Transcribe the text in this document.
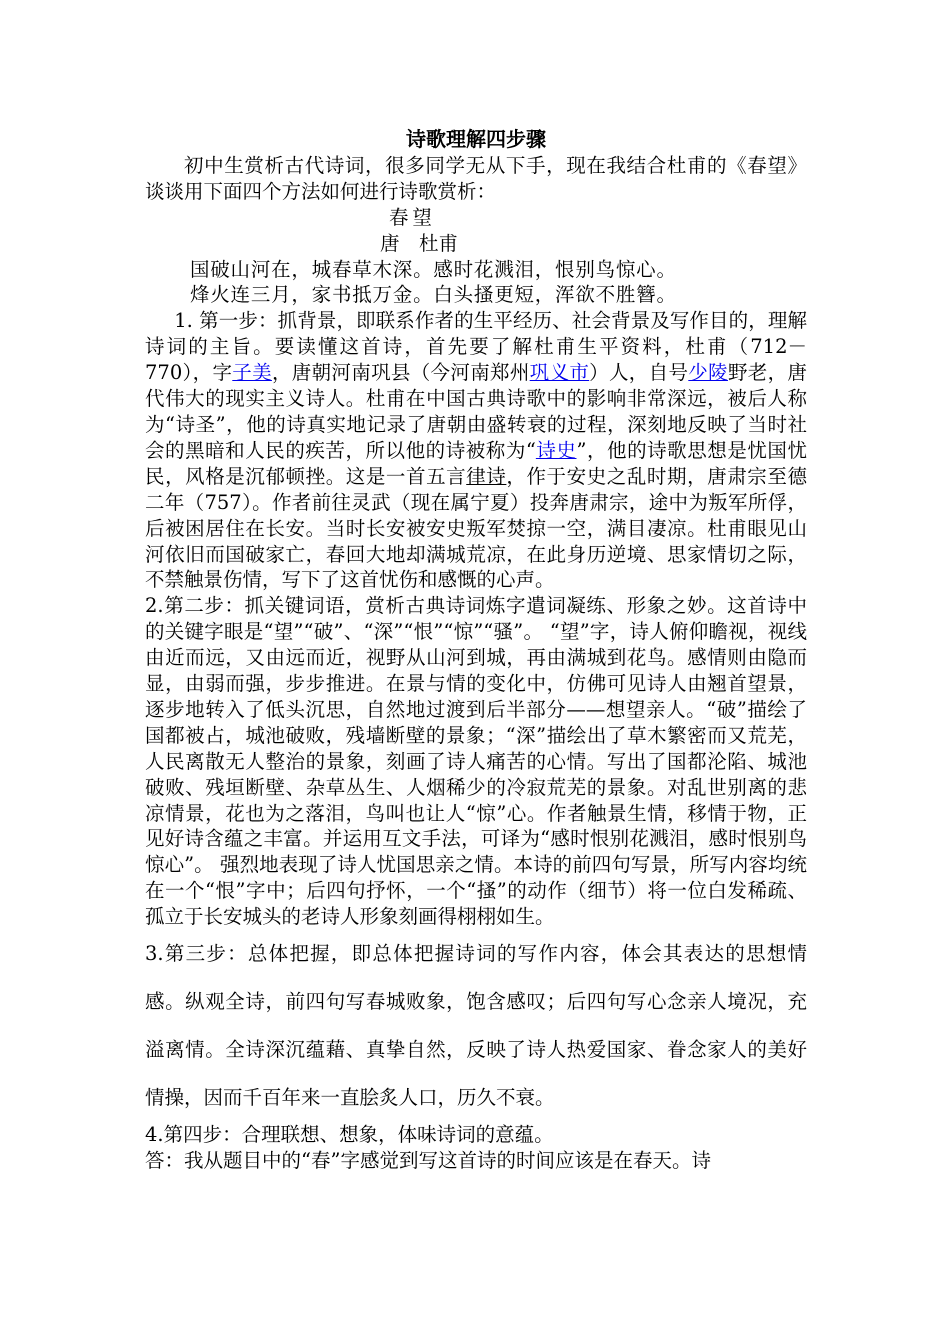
诗歌理解四步骤

初中生赏析古代诗词，很多同学无从下手，现在我结合杜甫的《春望》谈谈用下面四个方法如何进行诗歌赏析：

春望

唐　杜甫

国破山河在，城春草木深。感时花溅泪，恨别鸟惊心。

烽火连三月，家书抵万金。白头搔更短，浑欲不胜簪。

1. 第一步：抓背景，即联系作者的生平经历、社会背景及写作目的，理解诗词的主旨。要读懂这首诗，首先要了解杜甫生平资料，杜甫（712－770），字子美，唐朝河南巩县（今河南郑州巩义市）人，自号少陵野老，唐代伟大的现实主义诗人。杜甫在中国古典诗歌中的影响非常深远，被后人称为“诗圣”，他的诗真实地记录了唐朝由盛转衰的过程，深刻地反映了当时社会的黑暗和人民的疾苦，所以他的诗被称为“诗史”，他的诗歌思想是忧国忧民，风格是沉郁顿挫。这是一首五言律诗，作于安史之乱时期，唐肃宗至德二年（757）。作者前往灵武（现在属宁夏）投奔唐肃宗，途中为叛军所俘，后被困居住在长安。当时长安被安史叛军焚掠一空，满目凄凉。杜甫眼见山河依旧而国破家亡，春回大地却满城荒凉，在此身历逆境、思家情切之际，不禁触景伤情，写下了这首忧伤和感慨的心声。

2.第二步：抓关键词语，赏析古典诗词炼字遣词凝练、形象之妙。这首诗中的关键字眼是“望”“破”、“深”“恨”“惊”“骚”。 “望”字，诗人俯仰瞻视，视线由近而远，又由远而近，视野从山河到城，再由满城到花鸟。感情则由隐而显，由弱而强，步步推进。在景与情的变化中，仿佛可见诗人由翘首望景，逐步地转入了低头沉思，自然地过渡到后半部分——想望亲人。“破”描绘了国都被占，城池破败，残墙断壁的景象；“深”描绘出了草木繁密而又荒芜，人民离散无人整治的景象，刻画了诗人痛苦的心情。写出了国都沦陷、城池破败、残垣断壁、杂草丛生、人烟稀少的冷寂荒芜的景象。对乱世别离的悲凉情景，花也为之落泪，鸟叫也让人“惊”心。作者触景生情，移情于物，正见好诗含蕴之丰富。并运用互文手法，可译为“感时恨别花溅泪，感时恨别鸟惊心”。 强烈地表现了诗人忧国思亲之情。本诗的前四句写景，所写内容均统在一个“恨”字中；后四句抒怀，一个“搔”的动作（细节）将一位白发稀疏、孤立于长安城头的老诗人形象刻画得栩栩如生。

3.第三步：总体把握，即总体把握诗词的写作内容，体会其表达的思想情感。纵观全诗，前四句写春城败象，饱含感叹；后四句写心念亲人境况，充溢离情。全诗深沉蕴藉、真挚自然，反映了诗人热爱国家、眷念家人的美好情操，因而千百年来一直脍炙人口，历久不衰。

4.第四步：合理联想、想象，体味诗词的意蕴。

答：我从题目中的“春”字感觉到写这首诗的时间应该是在春天。诗
